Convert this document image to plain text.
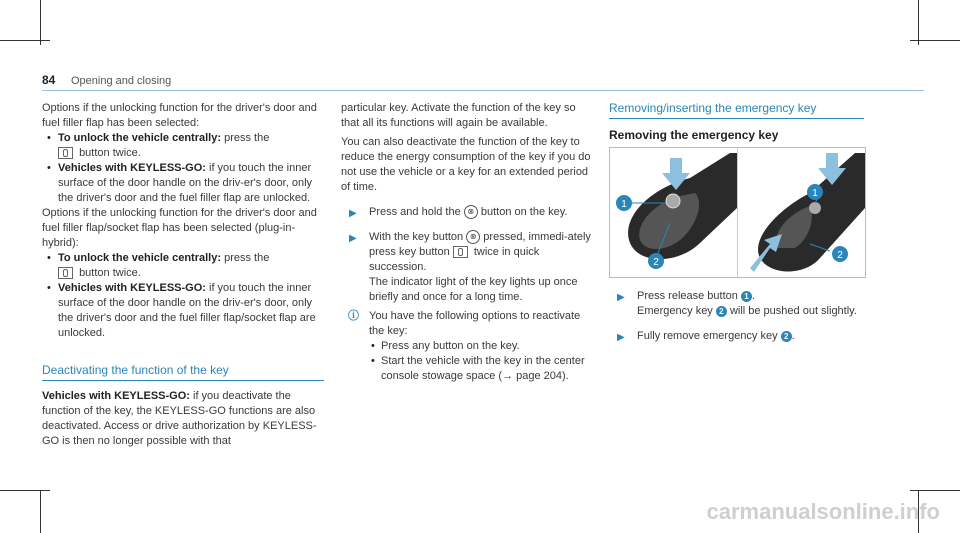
84 Opening and closing

Options if the unlocking function for the driver's door and fuel filler flap has been selected:

• To unlock the vehicle centrally: press the
button twice.
• Vehicles with KEYLESS-GO: if you touch the inner surface of the door handle on the driv-er's door, only the driver's door and the fuel filler flap are unlocked.

Options if the unlocking function for the driver's door and fuel filler flap/socket flap has been selected (plug-in-hybrid):

• To unlock the vehicle centrally: press the
button twice.
• Vehicles with KEYLESS-GO: if you touch the inner surface of the door handle on the driv-er's door, only the driver's door and the fuel filler flap/socket flap are unlocked.
Deactivating the function of the key

Vehicles with KEYLESS-GO: if you deactivate the function of the key, the KEYLESS-GO functions are also deactivated. Access or drive authorization by KEYLESS-GO is then no longer possible with that

particular key. Activate the function of the key so that all its functions will again be available.

You can also deactivate the function of the key to reduce the energy consumption of the key if you do not use the vehicle or a key for an extended period of time.

▶ Press and hold the ⊗ button on the key.
▶ With the key button ⊗ pressed, immedi-ately press key button twice in quick succession.
The indicator light of the key lights up once briefly and once for a long time.
ⓘ You have the following options to reactivate the key:
• Press any button on the key.
• Start the vehicle with the key in the center console stowage space (→ page 204).
Removing/inserting the emergency key
Removing the emergency key
1
2
1
2
▶ Press release button 1 .
Emergency key 2 will be pushed out slightly.
▶ Fully remove emergency key 2 .
carmanualsonline.info
